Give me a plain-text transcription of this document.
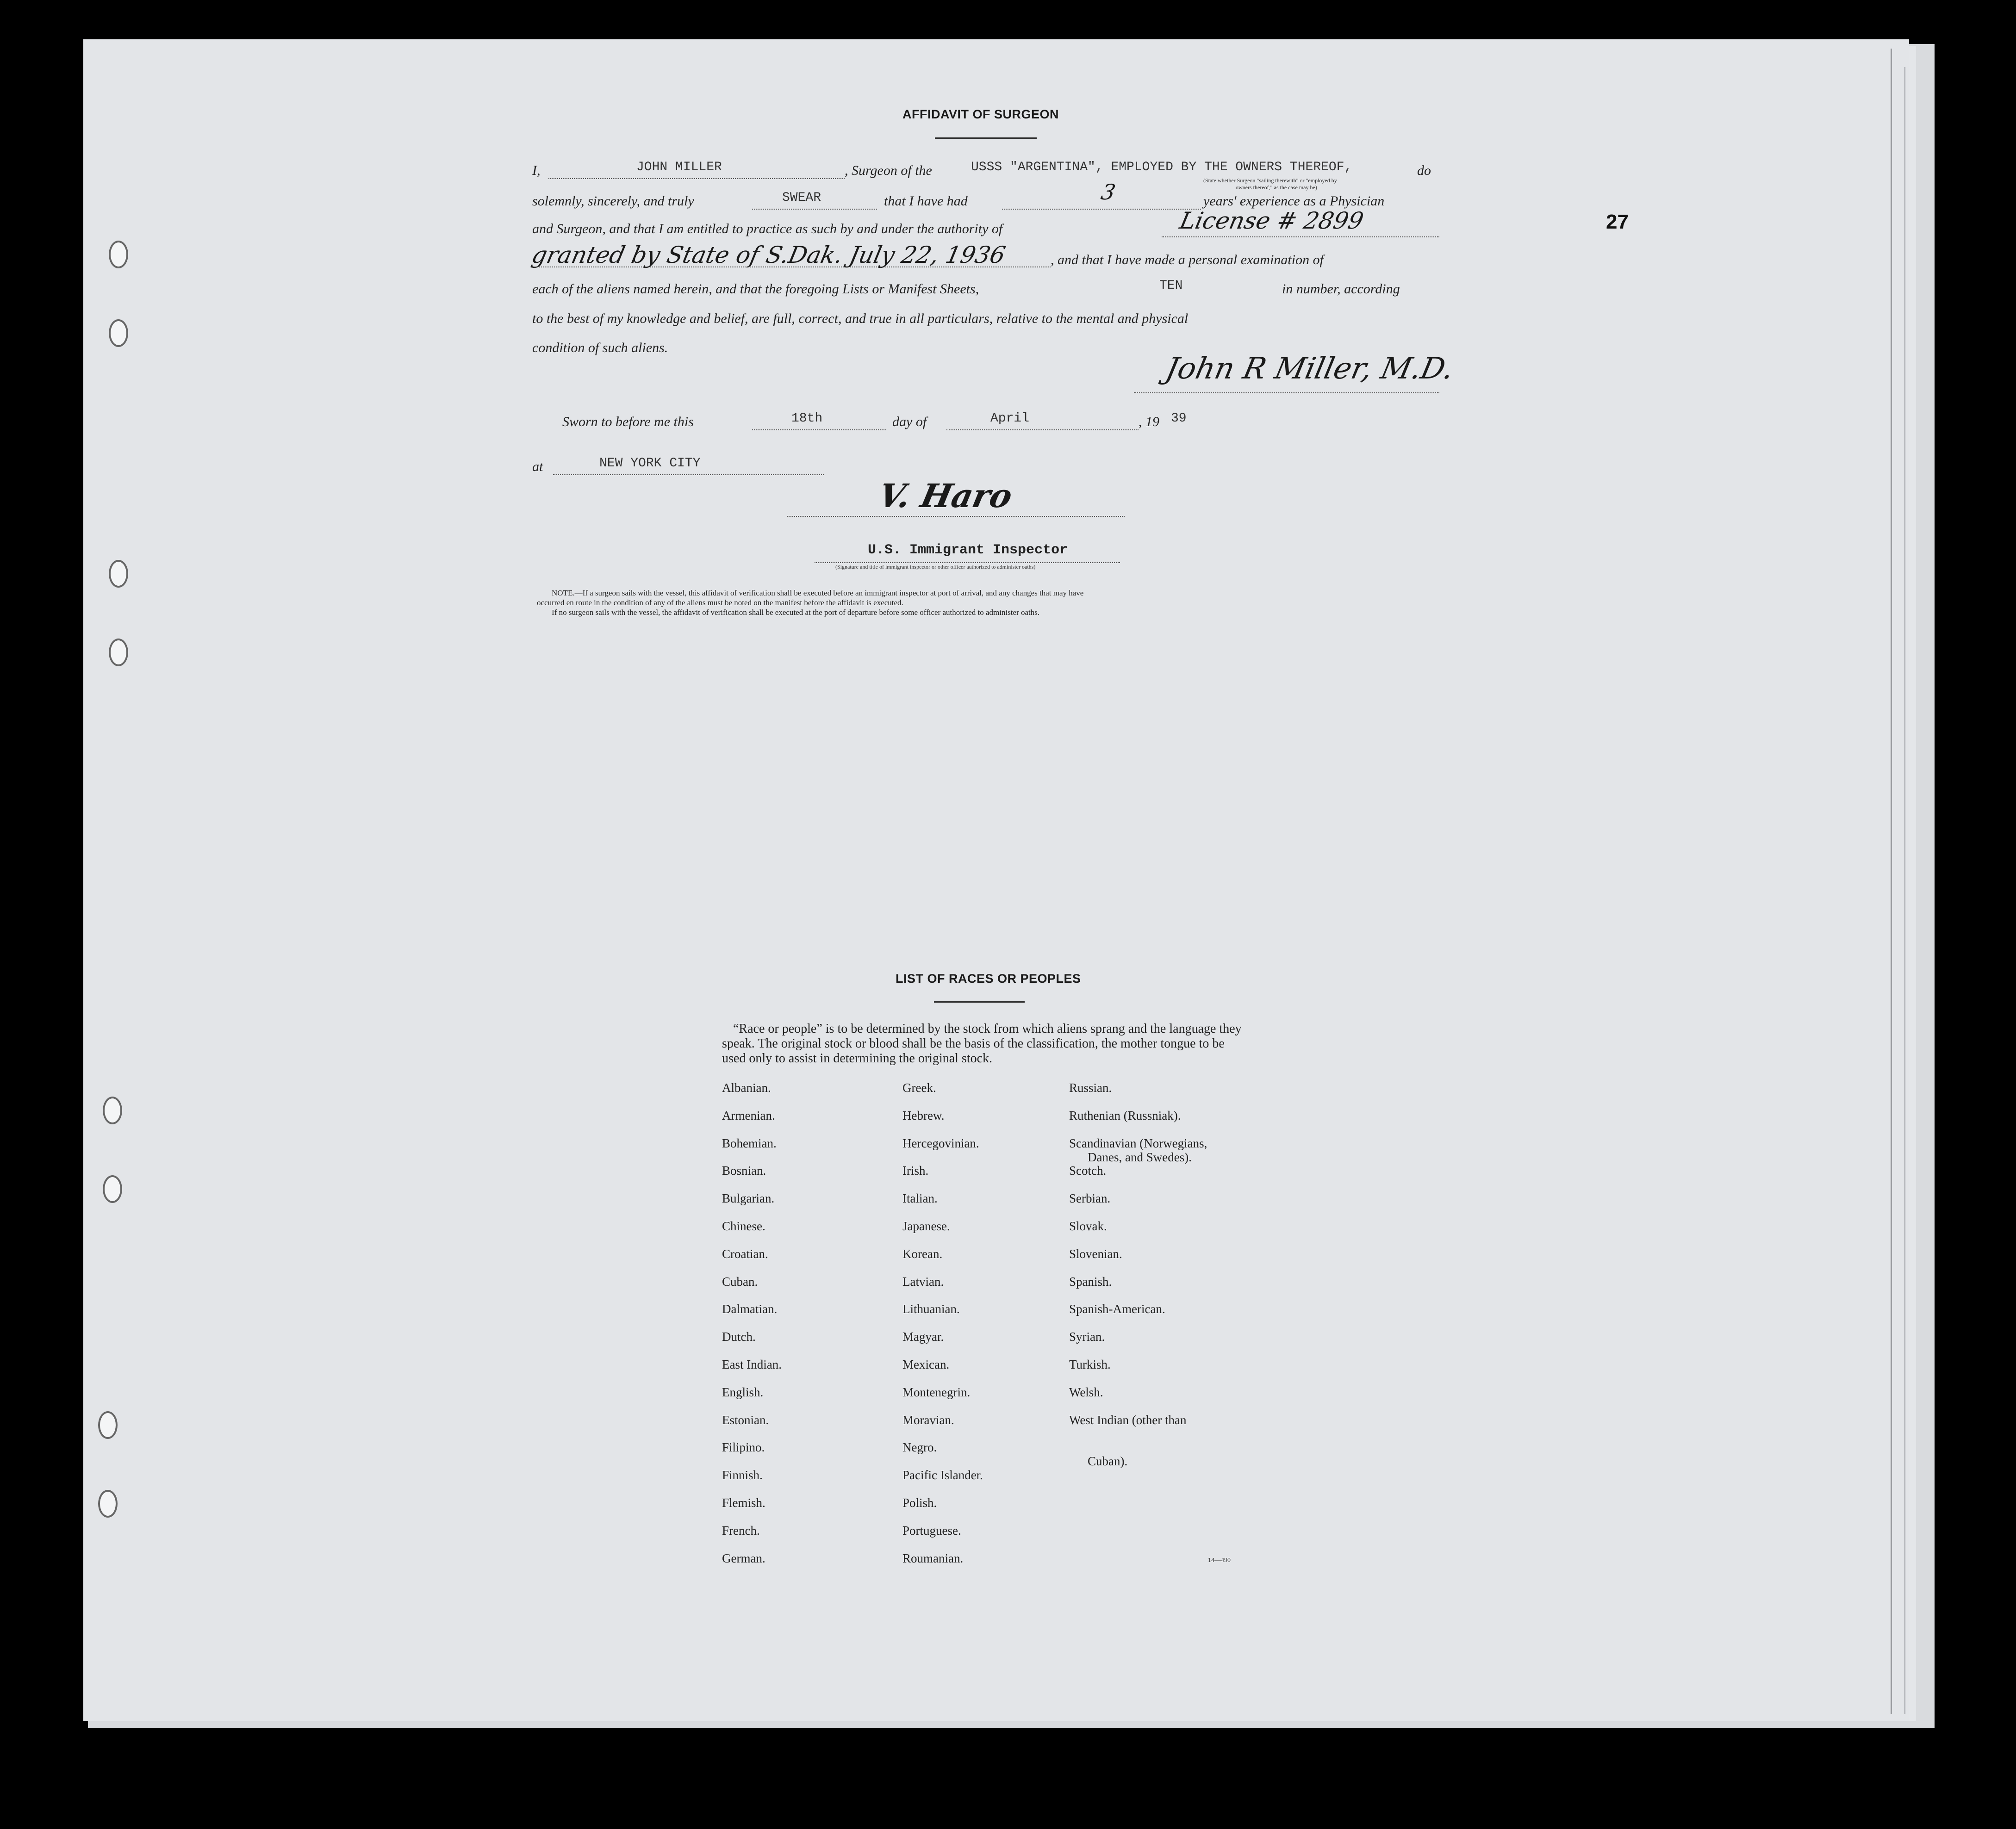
27
AFFIDAVIT OF SURGEON
I,	JOHN MILLER	, Surgeon of the	USSS "ARGENTINA", EMPLOYED BY THE OWNERS THEREOF,	do
(State whether Surgeon "sailing therewith" or "employed by
owners thereof," as the case may be)
solemnly, sincerely, and truly	SWEAR	that I have had	3	years' experience as a Physician
and Surgeon, and that I am entitled to practice as such by and under the authority of	License # 2899
granted by State of S.Dak. July 22, 1936	, and that I have made a personal examination of
each of the aliens named herein, and that the foregoing Lists or Manifest Sheets,	TEN	in number, according
to the best of my knowledge and belief, are full, correct, and true in all particulars, relative to the mental and physical
condition of such aliens.
John R Miller, M.D.
Sworn to before me this	18th	day of	April	, 19 39
at	NEW YORK CITY
V. Haro
U.S. Immigrant Inspector
(Signature and title of immigrant inspector or other officer authorized to administer oaths)
NOTE.—If a surgeon sails with the vessel, this affidavit of verification shall be executed before an immigrant inspector at port of arrival, and any changes that may have
occurred en route in the condition of any of the aliens must be noted on the manifest before the affidavit is executed.
If no surgeon sails with the vessel, the affidavit of verification shall be executed at the port of departure before some officer authorized to administer oaths.
LIST OF RACES OR PEOPLES
“Race or people” is to be determined by the stock from which aliens sprang and the language they speak. The original stock or blood shall be the basis of the classification, the mother tongue to be used only to assist in determining the original stock.
Albanian.
Armenian.
Bohemian.
Bosnian.
Bulgarian.
Chinese.
Croatian.
Cuban.
Dalmatian.
Dutch.
East Indian.
English.
Estonian.
Filipino.
Finnish.
Flemish.
French.
German.
Greek.
Hebrew.
Hercegovinian.
Irish.
Italian.
Japanese.
Korean.
Latvian.
Lithuanian.
Magyar.
Mexican.
Montenegrin.
Moravian.
Negro.
Pacific Islander.
Polish.
Portuguese.
Roumanian.
Russian.
Ruthenian (Russniak).
Scandinavian (Norwegians,
Danes, and Swedes).
Scotch.
Serbian.
Slovak.
Slovenian.
Spanish.
Spanish-American.
Syrian.
Turkish.
Welsh.
West Indian (other than
Cuban).
14—490
